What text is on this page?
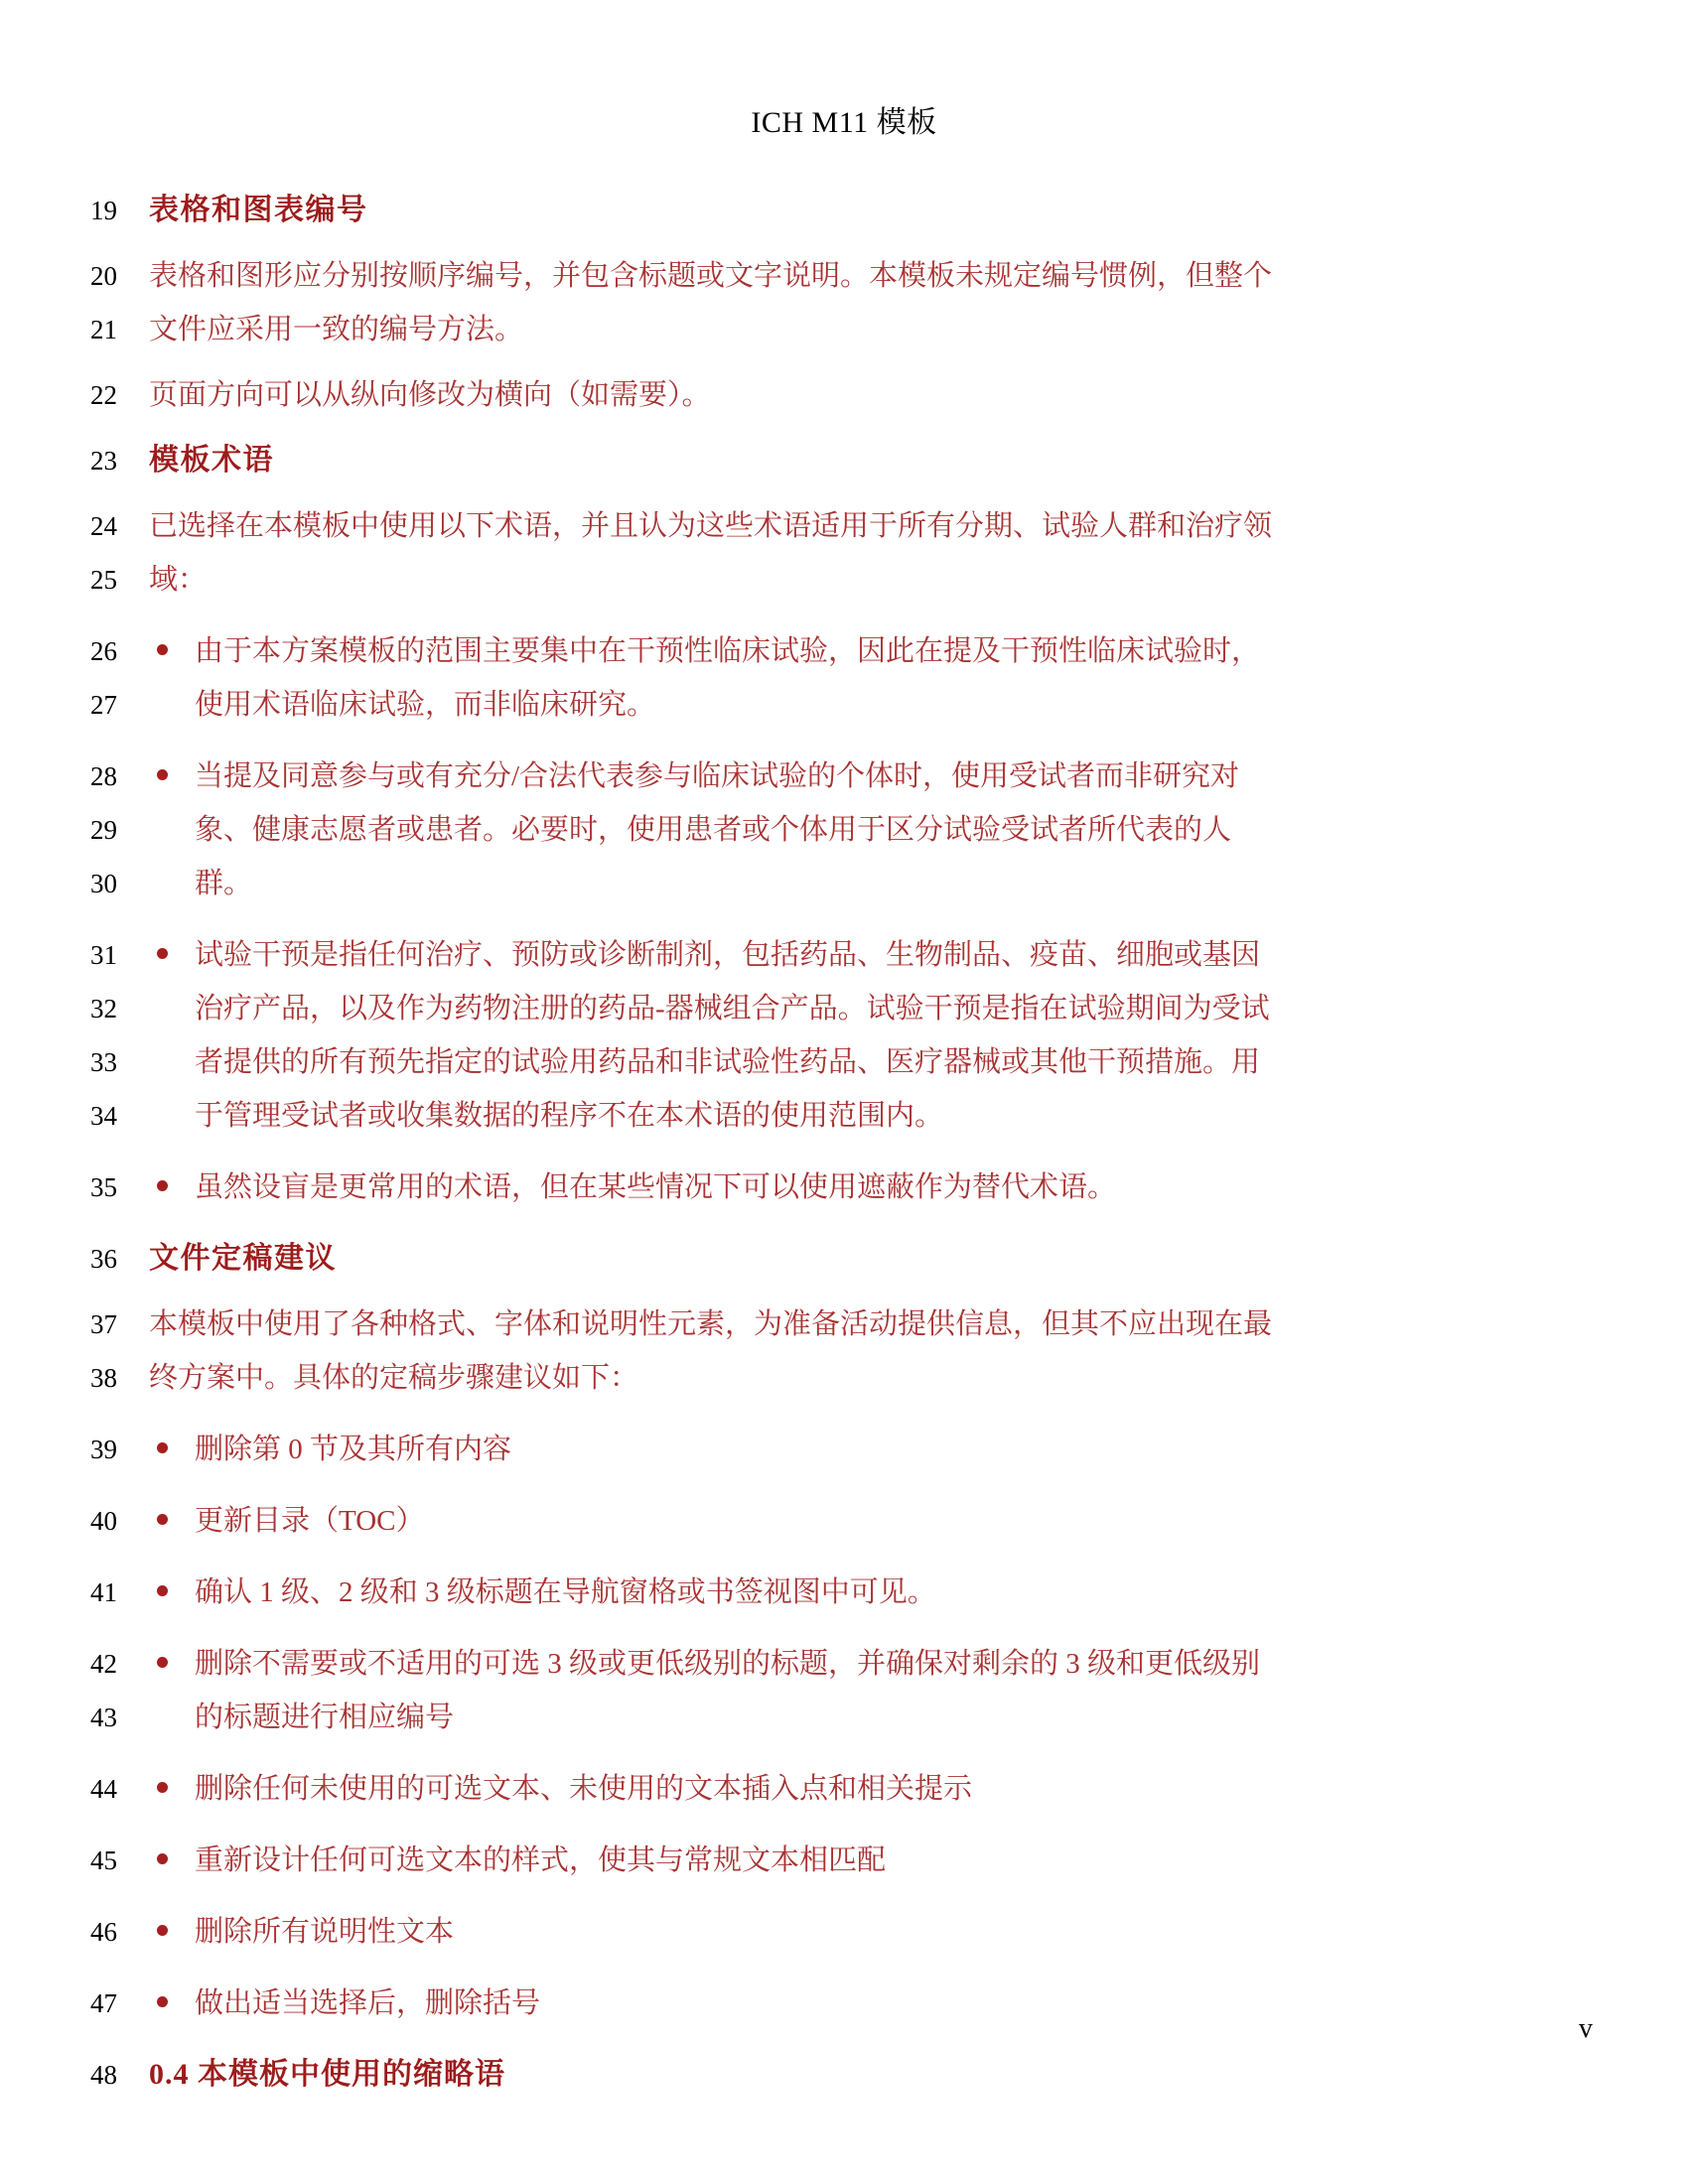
ICH M11 模板
19	表格和图表编号
20	表格和图形应分别按顺序编号，并包含标题或文字说明。本模板未规定编号惯例，但整个
21	文件应采用一致的编号方法。
22	页面方向可以从纵向修改为横向（如需要）。
23	模板术语
24	已选择在本模板中使用以下术语，并且认为这些术语适用于所有分期、试验人群和治疗领
25	域：
26	由于本方案模板的范围主要集中在干预性临床试验，因此在提及干预性临床试验时，
27	使用术语临床试验，而非临床研究。
28	当提及同意参与或有充分/合法代表参与临床试验的个体时，使用受试者而非研究对
29	象、健康志愿者或患者。必要时，使用患者或个体用于区分试验受试者所代表的人
30	群。
31	试验干预是指任何治疗、预防或诊断制剂，包括药品、生物制品、疫苗、细胞或基因
32	治疗产品，以及作为药物注册的药品-器械组合产品。试验干预是指在试验期间为受试
33	者提供的所有预先指定的试验用药品和非试验性药品、医疗器械或其他干预措施。用
34	于管理受试者或收集数据的程序不在本术语的使用范围内。
35	虽然设盲是更常用的术语，但在某些情况下可以使用遮蔽作为替代术语。
36	文件定稿建议
37	本模板中使用了各种格式、字体和说明性元素，为准备活动提供信息，但其不应出现在最
38	终方案中。具体的定稿步骤建议如下：
39	删除第 0 节及其所有内容
40	更新目录（TOC）
41	确认 1 级、2 级和 3 级标题在导航窗格或书签视图中可见。
42	删除不需要或不适用的可选 3 级或更低级别的标题，并确保对剩余的 3 级和更低级别
43	的标题进行相应编号
44	删除任何未使用的可选文本、未使用的文本插入点和相关提示
45	重新设计任何可选文本的样式，使其与常规文本相匹配
46	删除所有说明性文本
47	做出适当选择后，删除括号
48	0.4 本模板中使用的缩略语
v
